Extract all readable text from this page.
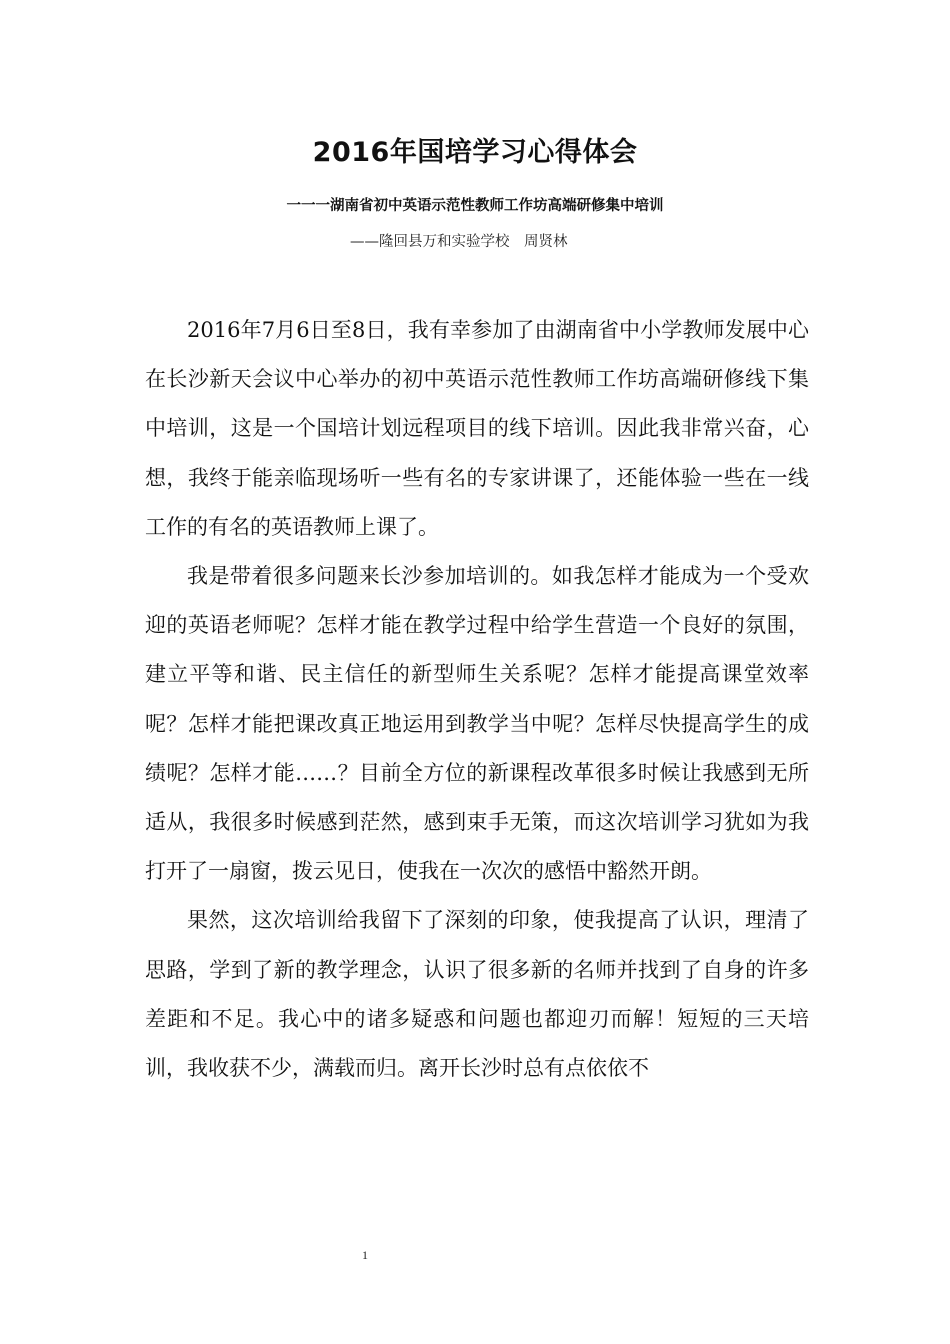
2016年国培学习心得体会
一一一湖南省初中英语示范性教师工作坊高端研修集中培训
——隆回县万和实验学校　周贤林

2016年7月6日至8日，我有幸参加了由湖南省中小学教师发展中心在长沙新天会议中心举办的初中英语示范性教师工作坊高端研修线下集中培训，这是一个国培计划远程项目的线下培训。因此我非常兴奋，心想，我终于能亲临现场听一些有名的专家讲课了，还能体验一些在一线工作的有名的英语教师上课了。

我是带着很多问题来长沙参加培训的。如我怎样才能成为一个受欢迎的英语老师呢？怎样才能在教学过程中给学生营造一个良好的氛围，建立平等和谐、民主信任的新型师生关系呢？怎样才能提高课堂效率呢？怎样才能把课改真正地运用到教学当中呢？怎样尽快提高学生的成绩呢？怎样才能……？目前全方位的新课程改革很多时候让我感到无所适从，我很多时候感到茫然，感到束手无策，而这次培训学习犹如为我打开了一扇窗，拨云见日，使我在一次次的感悟中豁然开朗。

果然，这次培训给我留下了深刻的印象，使我提高了认识，理清了思路，学到了新的教学理念，认识了很多新的名师并找到了自身的许多差距和不足。我心中的诸多疑惑和问题也都迎刃而解！短短的三天培训，我收获不少，满载而归。离开长沙时总有点依依不

1
